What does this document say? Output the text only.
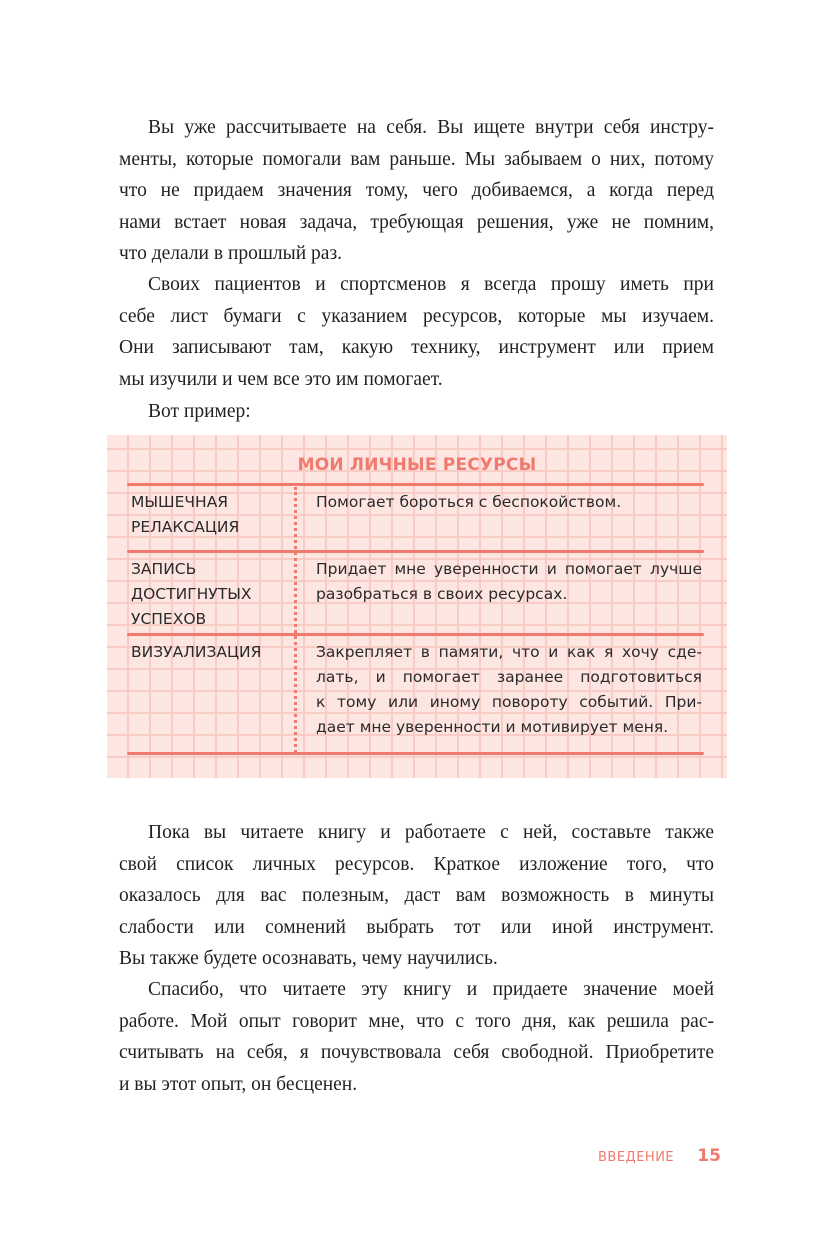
Вы уже рассчитываете на себя. Вы ищете внутри себя инстру-
менты, которые помогали вам раньше. Мы забываем о них, потому
что не придаем значения тому, чего добиваемся, а когда перед
нами встает новая задача, требующая решения, уже не помним,
что делали в прошлый раз.
Своих пациентов и спортсменов я всегда прошу иметь при
себе лист бумаги с указанием ресурсов, которые мы изучаем.
Они записывают там, какую технику, инструмент или прием
мы изучили и чем все это им помогает.
Вот пример:
МОИ ЛИЧНЫЕ РЕСУРСЫ
МЫШЕЧНАЯ
РЕЛАКСАЦИЯ
Помогает бороться с беспокойством.
ЗАПИСЬ
ДОСТИГНУТЫХ
УСПЕХОВ
Придает мне уверенности и помогает лучше
разобраться в своих ресурсах.
ВИЗУАЛИЗАЦИЯ	Закрепляет в памяти, что и как я хочу сде-
лать, и помогает заранее подготовиться
к тому или иному повороту событий. При-
дает мне уверенности и мотивирует меня.
Пока вы читаете книгу и работаете с ней, составьте также
свой список личных ресурсов. Краткое изложение того, что
оказалось для вас полезным, даст вам возможность в минуты
слабости или сомнений выбрать тот или иной инструмент.
Вы также будете осознавать, чему научились.
Спасибо, что читаете эту книгу и придаете значение моей
работе. Мой опыт говорит мне, что с того дня, как решила рас-
считывать на себя, я почувствовала себя свободной. Приобретите
и вы этот опыт, он бесценен.
ВВЕДЕНИЕ 15
